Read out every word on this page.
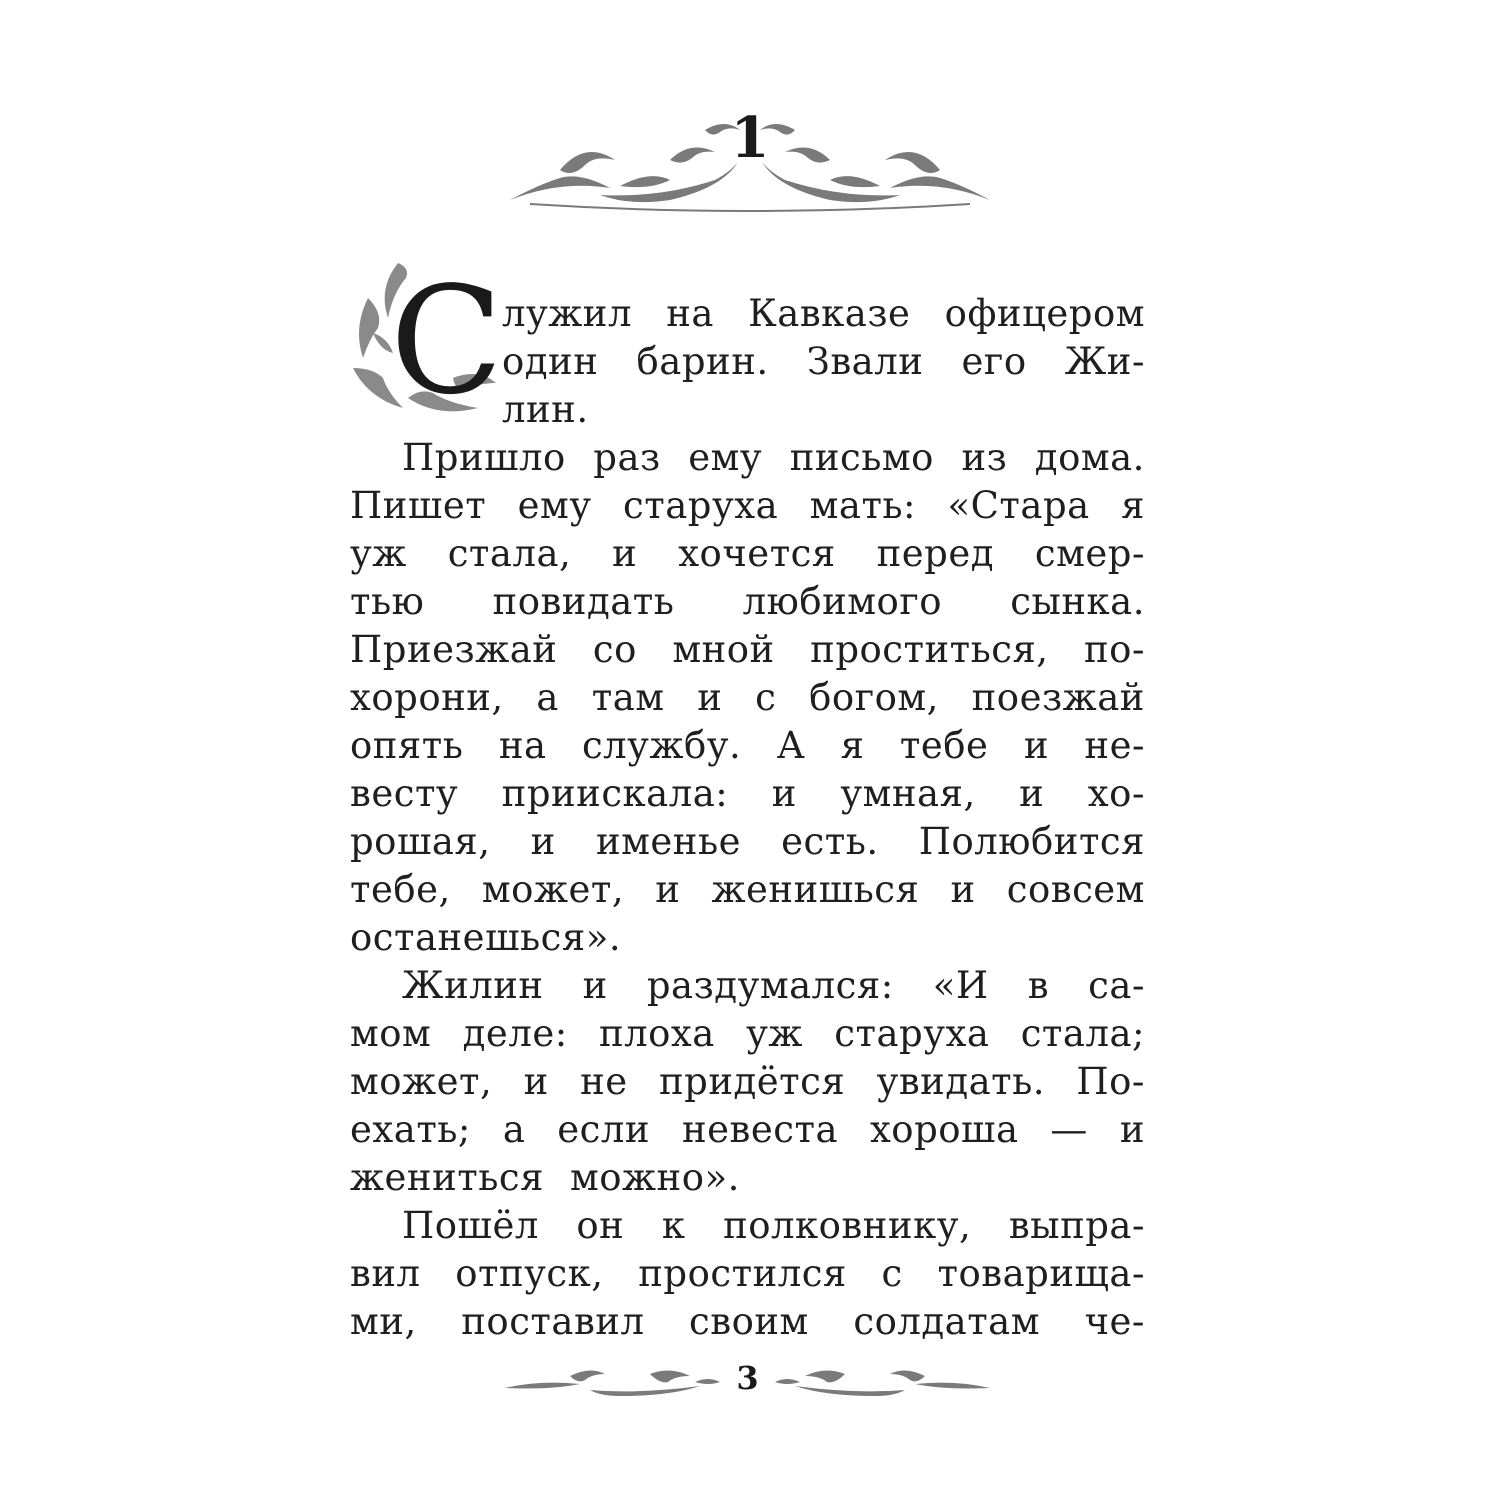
1
С
лужил на Кавказе офицером
один барин. Звали его Жи-
лин.
Пришло раз ему письмо из дома.
Пишет ему старуха мать: «Стара я
уж стала, и хочется перед смер-
тью повидать любимого сынка.
Приезжай со мной проститься, по-
хорони, а там и с богом, поезжай
опять на службу. А я тебе и не-
весту приискала: и умная, и хо-
рошая, и именье есть. Полюбится
тебе, может, и женишься и совсем
останешься».
Жилин и раздумался: «И в са-
мом деле: плоха уж старуха стала;
может, и не придётся увидать. По-
ехать; а если невеста хороша — и
жениться можно».
Пошёл он к полковнику, выпра-
вил отпуск, простился с товарища-
ми, поставил своим солдатам че-
3
